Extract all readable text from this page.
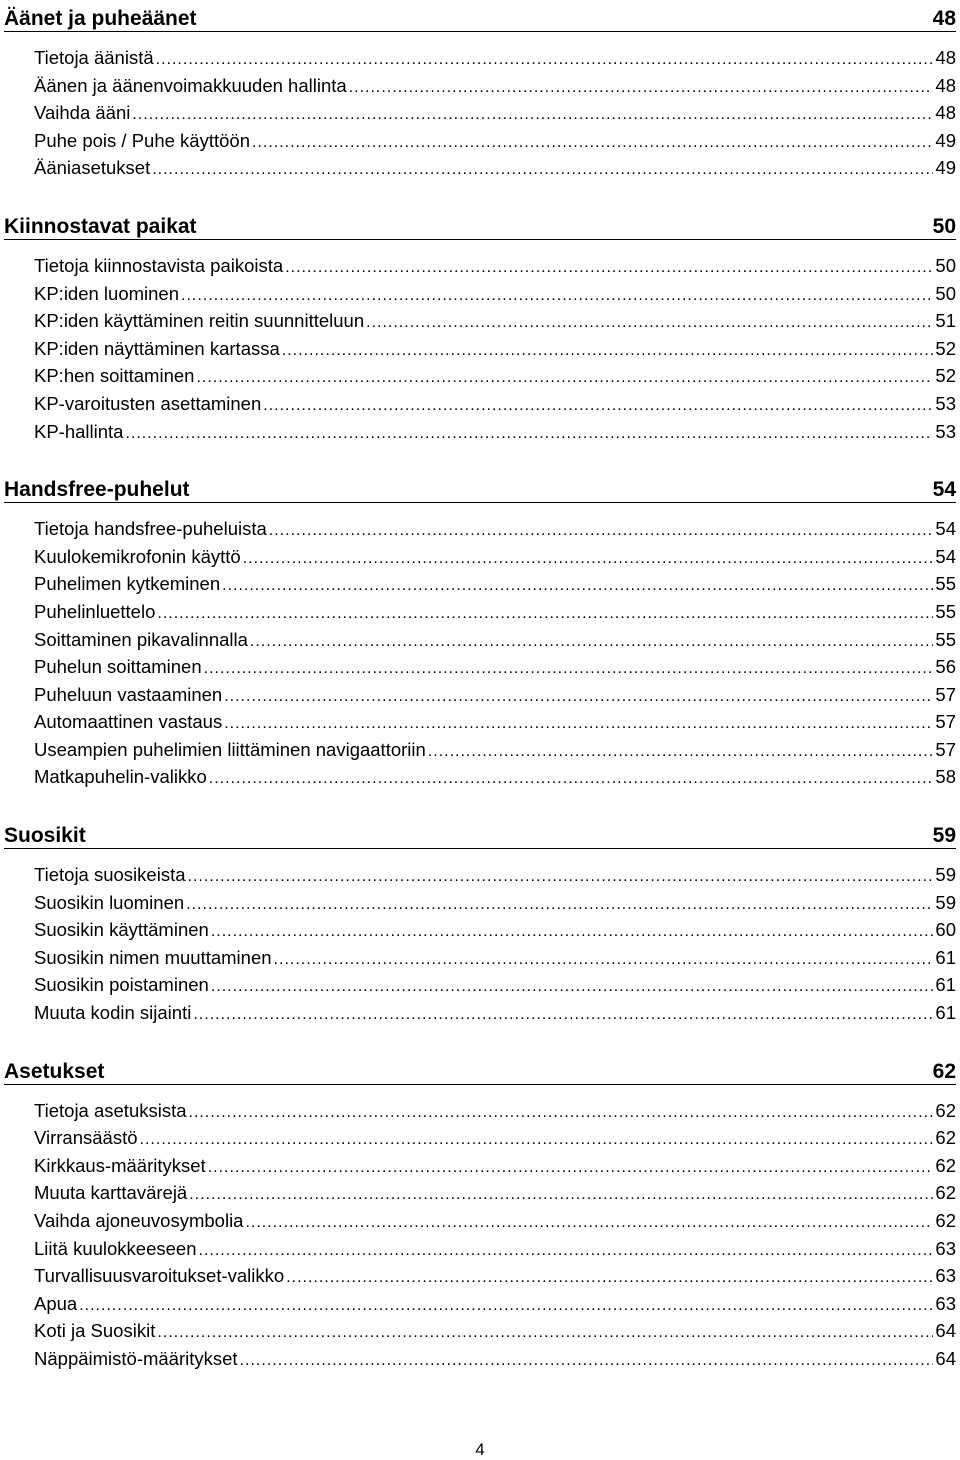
Äänet ja puheäänet	48
Tietoja äänistä .....	48
Äänen ja äänenvoimakkuuden hallinta .....	48
Vaihda ääni .....	48
Puhe pois / Puhe käyttöön .....	49
Ääniasetukset .....	49
Kiinnostavat paikat	50
Tietoja kiinnostavista paikoista .....	50
KP:iden luominen .....	50
KP:iden käyttäminen reitin suunnitteluun .....	51
KP:iden näyttäminen kartassa .....	52
KP:hen soittaminen .....	52
KP-varoitusten asettaminen .....	53
KP-hallinta .....	53
Handsfree-puhelut	54
Tietoja handsfree-puheluista .....	54
Kuulokemikrofonin käyttö .....	54
Puhelimen kytkeminen .....	55
Puhelinluettelo .....	55
Soittaminen pikavalinnalla .....	55
Puhelun soittaminen .....	56
Puheluun vastaaminen .....	57
Automaattinen vastaus .....	57
Useampien puhelimien liittäminen navigaattoriin .....	57
Matkapuhelin-valikko .....	58
Suosikit	59
Tietoja suosikeista .....	59
Suosikin luominen .....	59
Suosikin käyttäminen .....	60
Suosikin nimen muuttaminen .....	61
Suosikin poistaminen .....	61
Muuta kodin sijainti .....	61
Asetukset	62
Tietoja asetuksista .....	62
Virransäästö .....	62
Kirkkaus-määritykset .....	62
Muuta karttavärejä .....	62
Vaihda ajoneuvosymbolia .....	62
Liitä kuulokkeeseen .....	63
Turvallisuusvaroitukset-valikko .....	63
Apua .....	63
Koti ja Suosikit .....	64
Näppäimistö-määritykset .....	64
4
